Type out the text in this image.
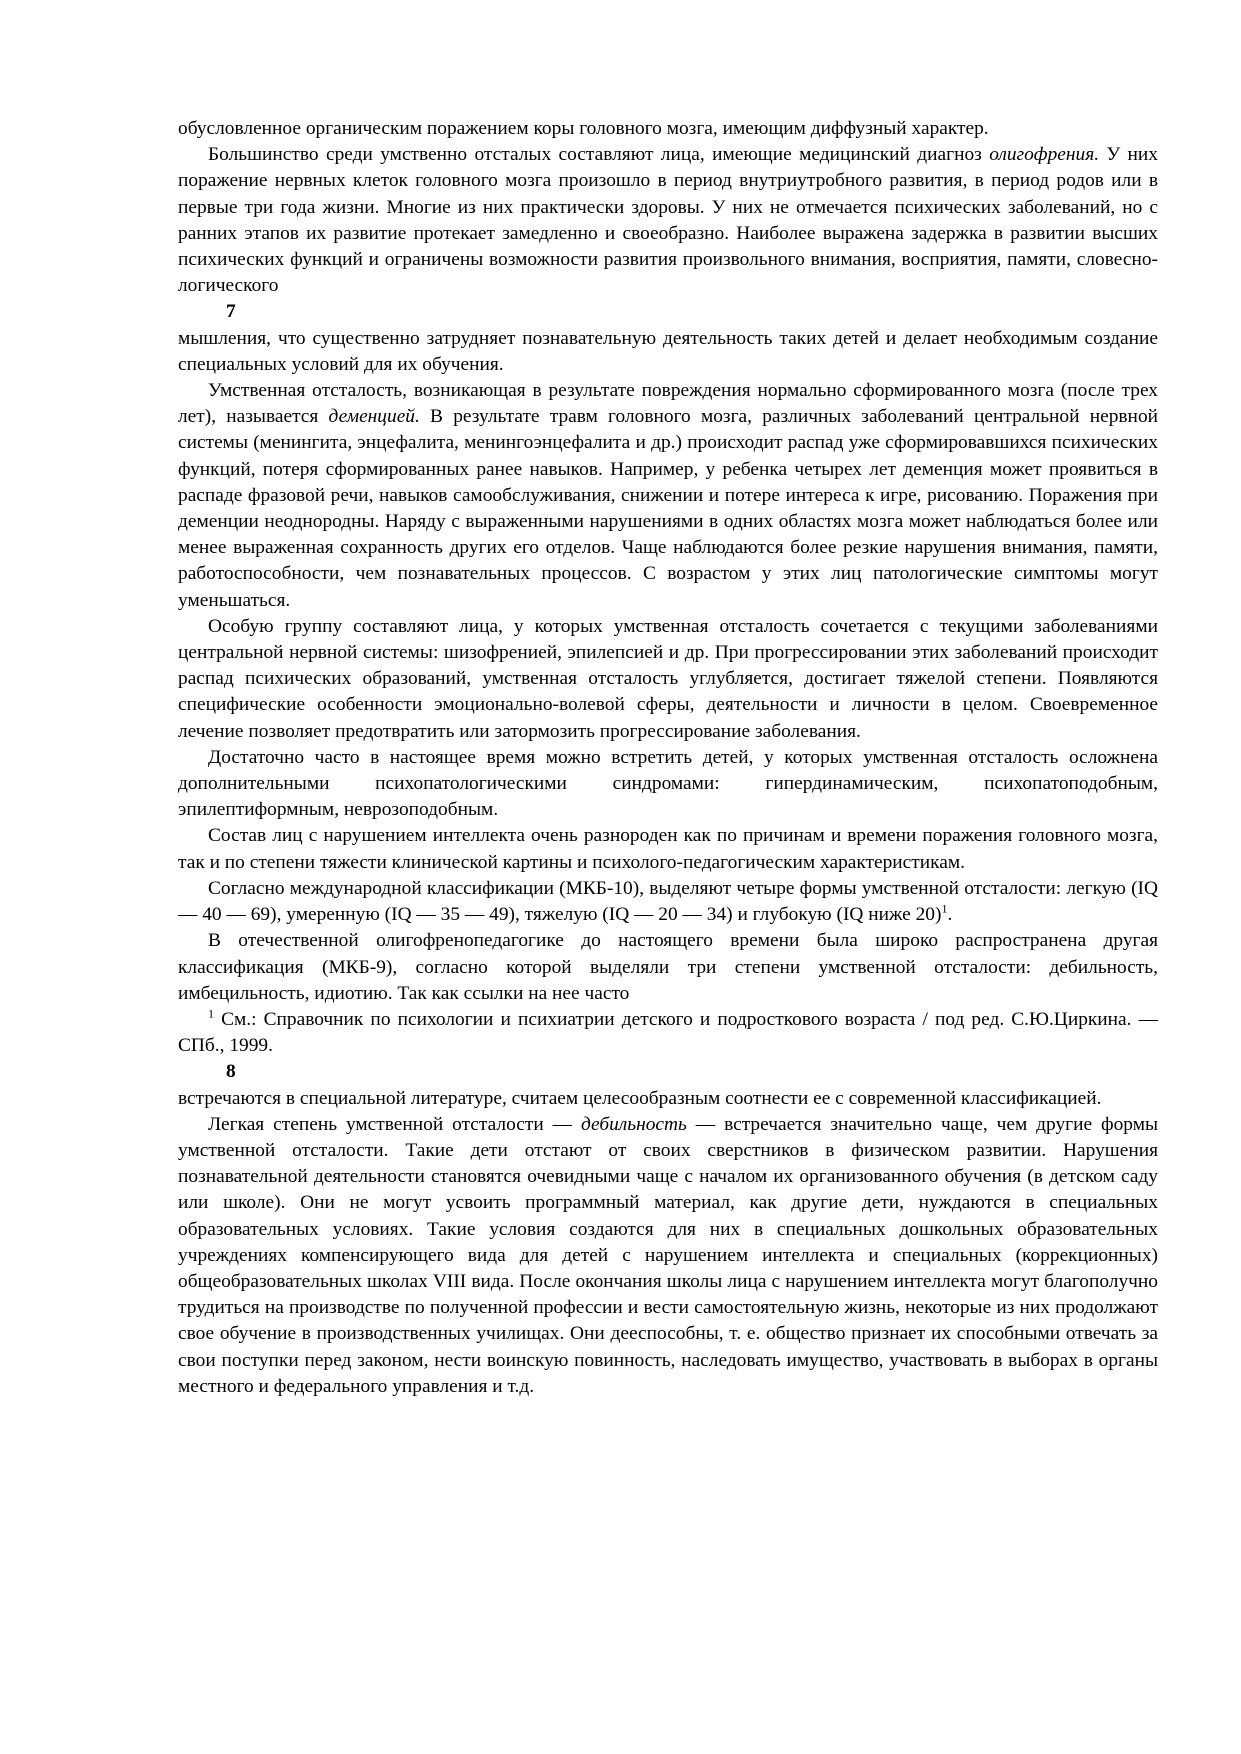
обусловленное органическим поражением коры головного мозга, имеющим диффузный характер.

Большинство среди умственно отсталых составляют лица, имеющие медицинский диагноз олигофрения. У них поражение нервных клеток головного мозга произошло в период внутриутробного развития, в период родов или в первые три года жизни. Многие из них практически здоровы. У них не отмечается психических заболеваний, но с ранних этапов их развитие протекает замедленно и своеобразно. Наиболее выражена задержка в развитии высших психических функций и ограничены возможности развития произвольного внимания, восприятия, памяти, словесно-логического

7

мышления, что существенно затрудняет познавательную деятельность таких детей и делает необходимым создание специальных условий для их обучения.

Умственная отсталость, возникающая в результате повреждения нормально сформированного мозга (после трех лет), называется деменцией. В результате травм головного мозга, различных заболеваний центральной нервной системы (менингита, энцефалита, менингоэнцефалита и др.) происходит распад уже сформировавшихся психических функций, потеря сформированных ранее навыков. Например, у ребенка четырех лет деменция может проявиться в распаде фразовой речи, навыков самообслуживания, снижении и потере интереса к игре, рисованию. Поражения при деменции неоднородны. Наряду с выраженными нарушениями в одних областях мозга может наблюдаться более или менее выраженная сохранность других его отделов. Чаще наблюдаются более резкие нарушения внимания, памяти, работоспособности, чем познавательных процессов. С возрастом у этих лиц патологические симптомы могут уменьшаться.

Особую группу составляют лица, у которых умственная отсталость сочетается с текущими заболеваниями центральной нервной системы: шизофренией, эпилепсией и др. При прогрессировании этих заболеваний происходит распад психических образований, умственная отсталость углубляется, достигает тяжелой степени. Появляются специфические особенности эмоционально-волевой сферы, деятельности и личности в целом. Своевременное лечение позволяет предотвратить или затормозить прогрессирование заболевания.

Достаточно часто в настоящее время можно встретить детей, у которых умственная отсталость осложнена дополнительными психопатологическими синдромами: гипердинамическим, психопатоподобным, эпилептиформным, неврозоподобным.

Состав лиц с нарушением интеллекта очень разнороден как по причинам и времени поражения головного мозга, так и по степени тяжести клинической картины и психолого-педагогическим характеристикам.

Согласно международной классификации (МКБ-10), выделяют четыре формы умственной отсталости: легкую (IQ — 40 — 69), умеренную (IQ — 35 — 49), тяжелую (IQ — 20 — 34) и глубокую (IQ ниже 20)$^1$.

В отечественной олигофренопедагогике до настоящего времени была широко распространена другая классификация (МКБ-9), согласно которой выделяли три степени умственной отсталости: дебильность, имбецильность, идиотию. Так как ссылки на нее часто

$^1$ См.: Справочник по психологии и психиатрии детского и подросткового возраста / под ред. С.Ю.Циркина. — СПб., 1999.

8

встречаются в специальной литературе, считаем целесообразным соотнести ее с современной классификацией.

Легкая степень умственной отсталости — дебильность — встречается значительно чаще, чем другие формы умственной отсталости. Такие дети отстают от своих сверстников в физическом развитии. Нарушения познавательной деятельности становятся очевидными чаще с началом их организованного обучения (в детском саду или школе). Они не могут усвоить программный материал, как другие дети, нуждаются в специальных образовательных условиях. Такие условия создаются для них в специальных дошкольных образовательных учреждениях компенсирующего вида для детей с нарушением интеллекта и специальных (коррекционных) общеобразовательных школах VIII вида. После окончания школы лица с нарушением интеллекта могут благополучно трудиться на производстве по полученной профессии и вести самостоятельную жизнь, некоторые из них продолжают свое обучение в производственных училищах. Они дееспособны, т. е. общество признает их способными отвечать за свои поступки перед законом, нести воинскую повинность, наследовать имущество, участвовать в выборах в органы местного и федерального управления и т.д.
